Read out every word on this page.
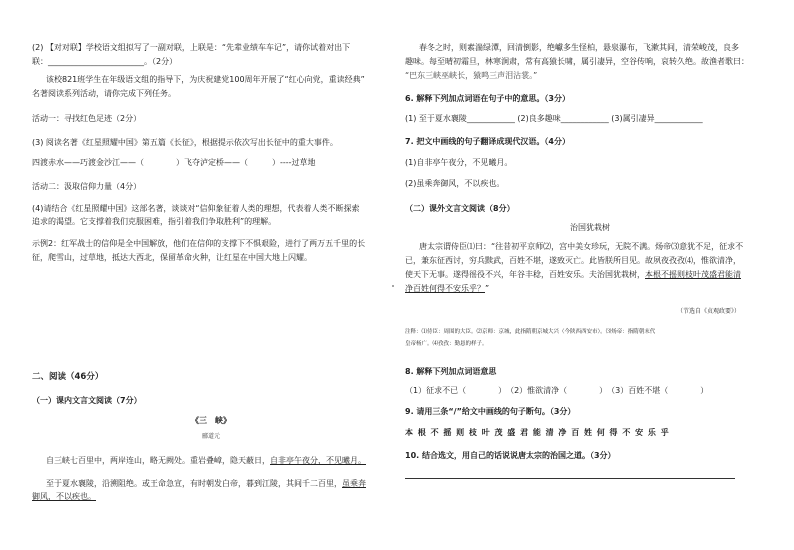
(2) 【对对联】学校语文组拟写了一副对联，上联是：“先辈业绩车车记”，请你试着对出下
联：________________________。（2分）
该校821班学生在年级语文组的指导下，为庆祝建党100周年开展了“红心向党，重读经典”
名著阅读系列活动，请你完成下列任务。
活动一：寻找红色足迹（2分）
(3) 阅读名著《红星照耀中国》第五篇《长征》，根据提示依次写出长征中的重大事件。
四渡赤水——巧渡金沙江——（　　　　）飞夺泸定桥——（　　　）----过草地
活动二：汲取信仰力量（4分）
(4)请结合《红星照耀中国》这部名著，谈谈对“信仰象征着人类的理想，代表着人类不断探索
追求的渴望。它支撑着我们克服困难，指引着我们争取胜利”的理解。
示例2：红军战士的信仰是全中国解放，他们在信仰的支撑下不惧艰险，进行了两万五千里的长
征，爬雪山，过草地，抵达大西北，保留革命火种，让红星在中国大地上闪耀。
二、阅读（46分）
（一）课内文言文阅读（7分）
《三　峡》
郦道元
自三峡七百里中，两岸连山，略无阙处。重岩叠嶂，隐天蔽日，自非亭午夜分，不见曦月。
至于夏水襄陵，沿溯阻绝。或王命急宣，有时朝发白帝，暮到江陵，其间千二百里，虽乘奔
御风，不以疾也。
春冬之时，则素湍绿潭，回清倒影，绝巘多生怪柏，悬泉瀑布，飞漱其间，清荣峻茂，良多
趣味。每至晴初霜旦，林寒涧肃，常有高猿长啸，属引凄异，空谷传响，哀转久绝。故渔者歌曰：
“巴东三峡巫峡长，猿鸣三声泪沾裳。”
6. 解释下列加点词语在句子中的意思。（3分）
(1) 至于夏水襄陵____________ (2)良多趣味____________ (3)属引凄异____________
7. 把文中画线的句子翻译成现代汉语。（4分）
(1)自非亭午夜分，不见曦月。
(2)虽乘奔御风，不以疾也。
（二）课外文言文阅读（8分）
治国犹栽树
唐太宗谓侍臣⑴曰：“往昔初平京师⑵，宫中美女珍玩，无院不满。炀帝⑶意犹不足，征求不
已，兼东征西讨，穷兵黩武，百姓不堪，遂致灭亡。此皆朕所目见。故夙夜孜孜⑷，惟欲清净，
使天下无事。遂得徭役不兴，年谷丰稔，百姓安乐。夫治国犹栽树，本根不摇则枝叶茂盛君能清
净百姓何得不安乐乎？”
（节选自《贞观政要》）
注释：⑴侍臣：周围的大臣。⑵京师：京城，此指隋朝京城大兴（今陕西西安市）。⑶炀帝：指隋朝末代
皇帝杨广。⑷孜孜：勤恳的样子。
8. 解释下列加点词语意思
（1）征求不已（　　　　）　（2）惟欲清净（　　　　）　（3）百姓不堪（　　　　）
9. 请用三条“/”给文中画线的句子断句。（3分）
本 根 不 摇 则 枝 叶 茂 盛 君 能 清 净 百 姓 何 得 不 安 乐 乎
10. 结合选文，用自己的话说说唐太宗的治国之道。（3分）
